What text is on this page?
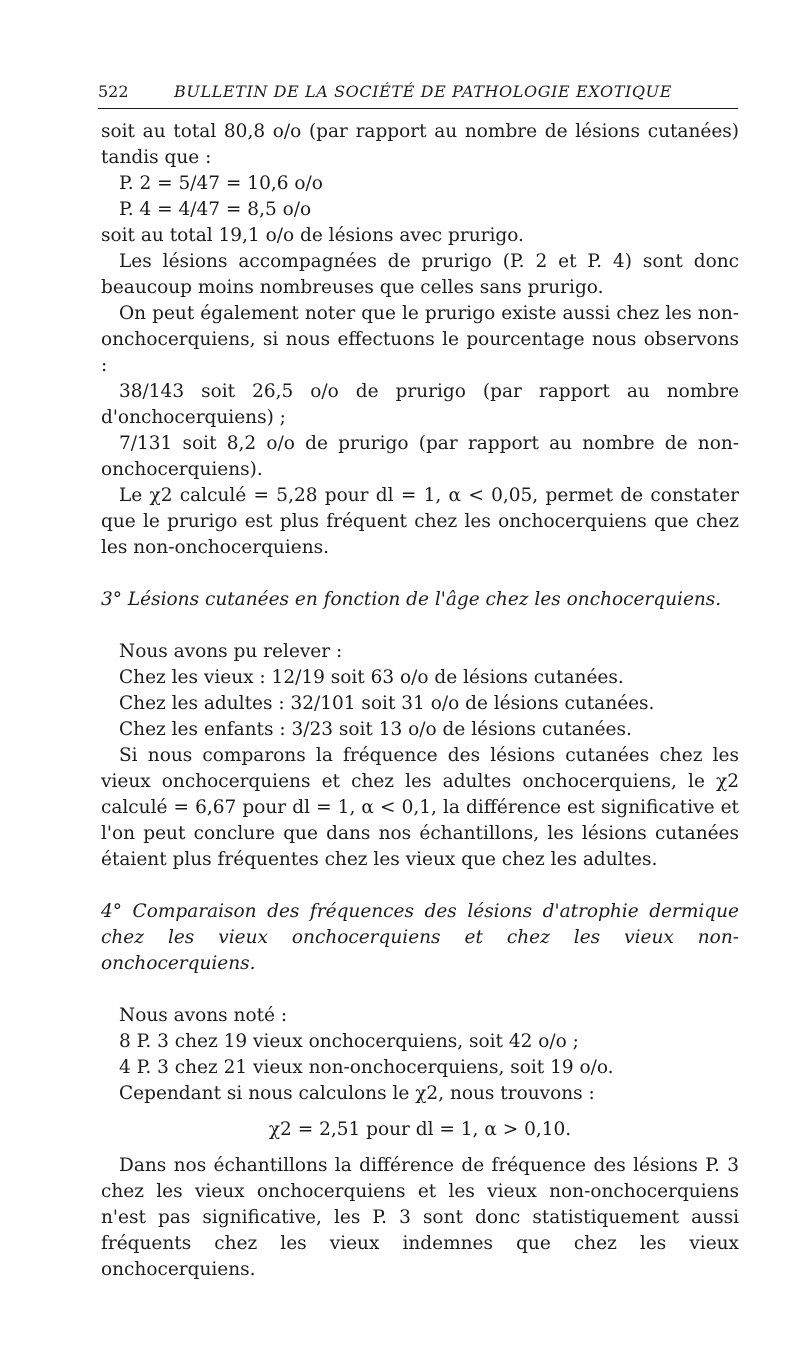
522	BULLETIN DE LA SOCIÉTÉ DE PATHOLOGIE EXOTIQUE

soit au total 80,8 o/o (par rapport au nombre de lésions cutanées) tandis que :

P. 2 = 5/47 = 10,6 o/o

P. 4 = 4/47 = 8,5 o/o

soit au total 19,1 o/o de lésions avec prurigo.

Les lésions accompagnées de prurigo (P. 2 et P. 4) sont donc beaucoup moins nombreuses que celles sans prurigo.

On peut également noter que le prurigo existe aussi chez les non-onchocerquiens, si nous effectuons le pourcentage nous observons :

38/143 soit 26,5 o/o de prurigo (par rapport au nombre d'onchocerquiens) ;

7/131 soit 8,2 o/o de prurigo (par rapport au nombre de non-onchocerquiens).

Le χ2 calculé = 5,28 pour dl = 1, α < 0,05, permet de constater que le prurigo est plus fréquent chez les onchocerquiens que chez les non-onchocerquiens.

3° Lésions cutanées en fonction de l'âge chez les onchocerquiens.

Nous avons pu relever :

Chez les vieux : 12/19 soit 63 o/o de lésions cutanées.

Chez les adultes : 32/101 soit 31 o/o de lésions cutanées.

Chez les enfants : 3/23 soit 13 o/o de lésions cutanées.

Si nous comparons la fréquence des lésions cutanées chez les vieux onchocerquiens et chez les adultes onchocerquiens, le χ2 calculé = 6,67 pour dl = 1, α < 0,1, la différence est significative et l'on peut conclure que dans nos échantillons, les lésions cutanées étaient plus fréquentes chez les vieux que chez les adultes.

4° Comparaison des fréquences des lésions d'atrophie dermique chez les vieux onchocerquiens et chez les vieux non-onchocerquiens.

Nous avons noté :

8 P. 3 chez 19 vieux onchocerquiens, soit 42 o/o ;

4 P. 3 chez 21 vieux non-onchocerquiens, soit 19 o/o.

Cependant si nous calculons le χ2, nous trouvons :

χ2 = 2,51 pour dl = 1, α > 0,10.

Dans nos échantillons la différence de fréquence des lésions P. 3 chez les vieux onchocerquiens et les vieux non-onchocerquiens n'est pas significative, les P. 3 sont donc statistiquement aussi fréquents chez les vieux indemnes que chez les vieux onchocerquiens.
